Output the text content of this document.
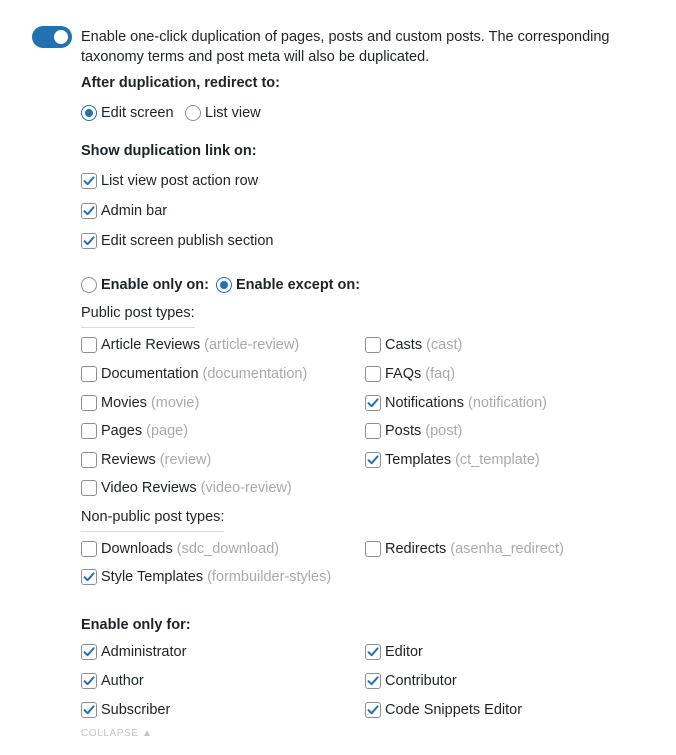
Enable one-click duplication of pages, posts and custom posts. The corresponding taxonomy terms and post meta will also be duplicated.
After duplication, redirect to:
Edit screen List view
Show duplication link on:
List view post action row
Admin bar
Edit screen publish section
Enable only on: Enable except on:
Public post types:
Article Reviews (article-review)
Documentation (documentation)
Movies (movie)
Pages (page)
Reviews (review)
Video Reviews (video-review)
Casts (cast)
FAQs (faq)
Notifications (notification)
Posts (post)
Templates (ct_template)
Non-public post types:
Downloads (sdc_download)
Style Templates (formbuilder-styles)
Redirects (asenha_redirect)
Enable only for:
Administrator
Author
Subscriber
Editor
Contributor
Code Snippets Editor
COLLAPSE ▲
